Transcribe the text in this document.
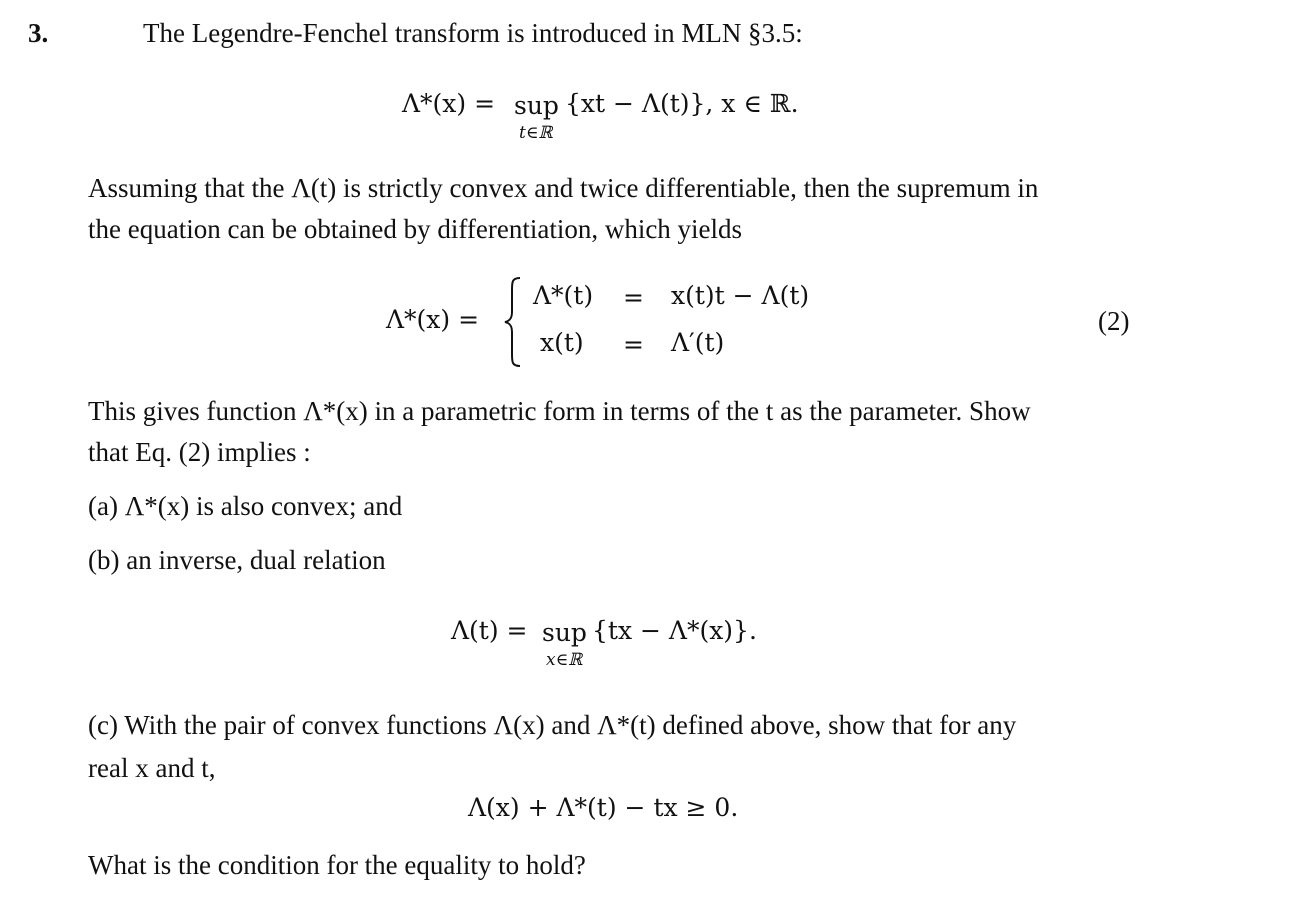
3.	The Legendre-Fenchel transform is introduced in MLN §3.5:
Λ*(x) = sup
t∈ℝ
{xt − Λ(t)}, x ∈ ℝ.
Assuming that the Λ(t) is strictly convex and twice differentiable, then the supremum in
the equation can be obtained by differentiation, which yields
Λ*(x) =
Λ*(t) = x(t)t − Λ(t)
x(t) = Λ′(t)
(2)
This gives function Λ*(x) in a parametric form in terms of the t as the parameter. Show
that Eq. (2) implies :
(a) Λ*(x) is also convex; and
(b) an inverse, dual relation
Λ(t) = sup
x∈ℝ
{tx − Λ*(x)}.
(c) With the pair of convex functions Λ(x) and Λ*(t) defined above, show that for any
real x and t,
Λ(x) + Λ*(t) − tx ≥ 0.
What is the condition for the equality to hold?
